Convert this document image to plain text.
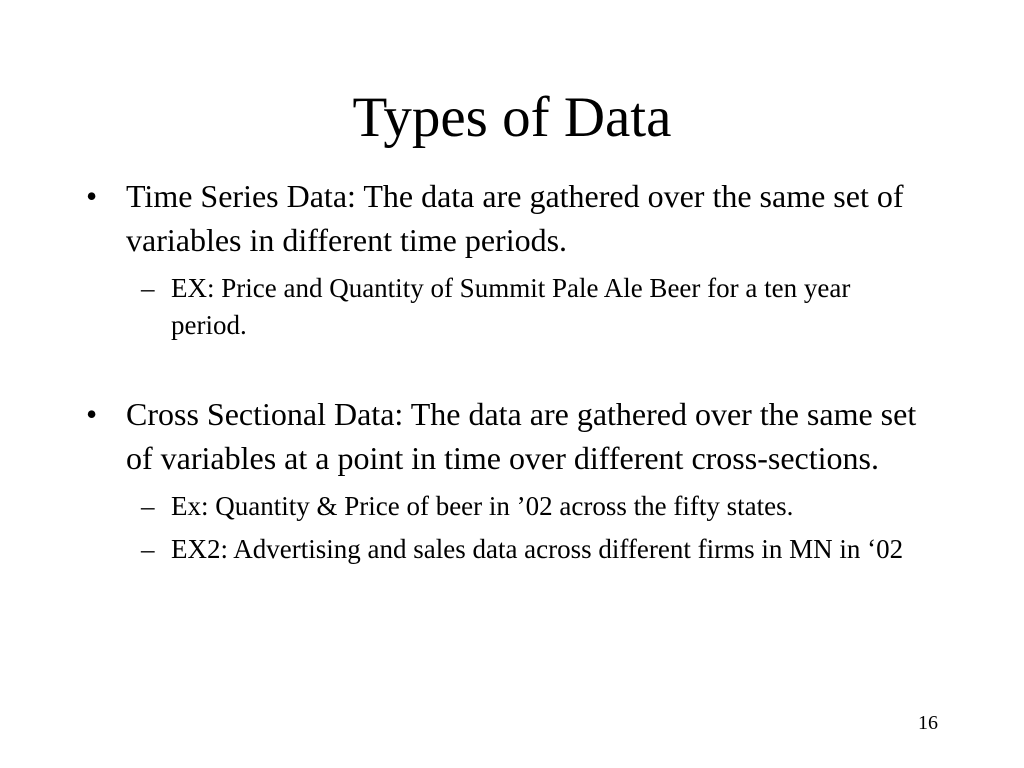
Types of Data
• Time Series Data: The data are gathered over the same set of variables in different time periods.
– EX: Price and Quantity of Summit Pale Ale Beer for a ten year period.
• Cross Sectional Data: The data are gathered over the same set of variables at a point in time over different cross-sections.
– Ex: Quantity & Price of beer in ’02 across the fifty states.
– EX2: Advertising and sales data across different firms in MN in ‘02
16
